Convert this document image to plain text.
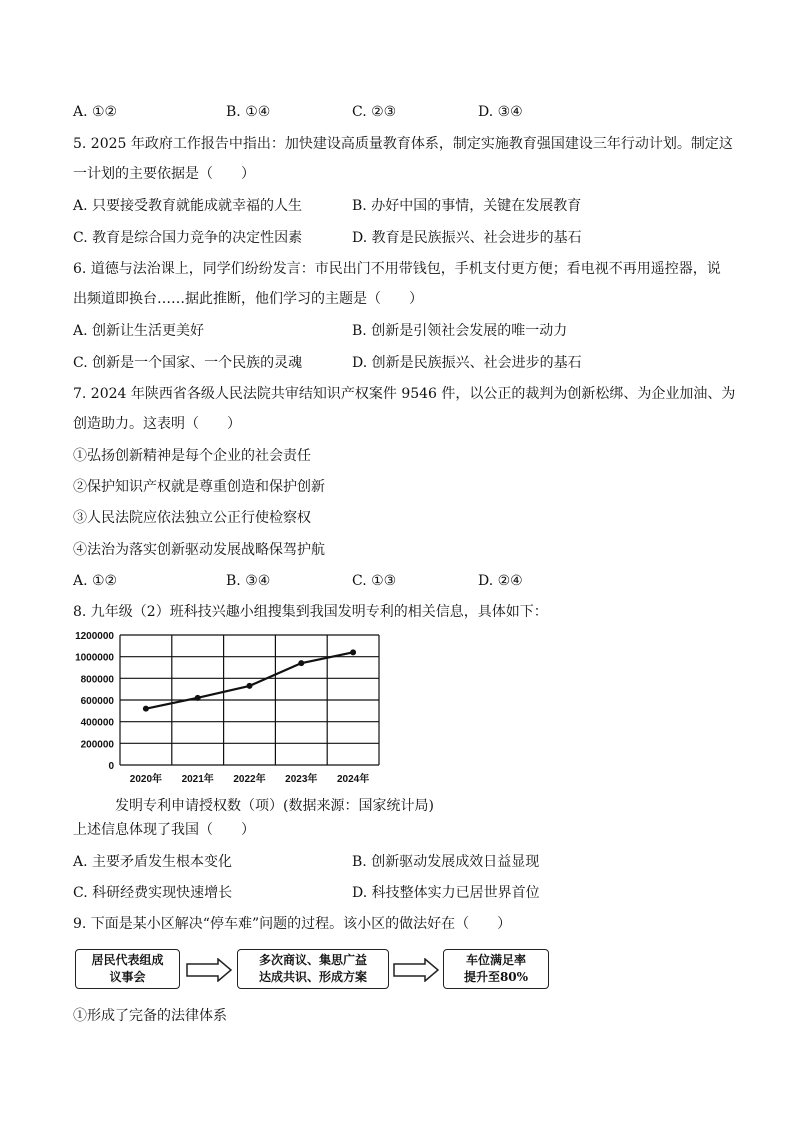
A. ①②	B. ①④	C. ②③	D. ③④
5. 2025 年政府工作报告中指出：加快建设高质量教育体系，制定实施教育强国建设三年行动计划。制定这
一计划的主要依据是（　　）
A. 只要接受教育就能成就幸福的人生	B. 办好中国的事情，关键在发展教育
C. 教育是综合国力竞争的决定性因素	D. 教育是民族振兴、社会进步的基石
6. 道德与法治课上，同学们纷纷发言：市民出门不用带钱包，手机支付更方便；看电视不再用遥控器，说
出频道即换台……据此推断，他们学习的主题是（　　）
A. 创新让生活更美好	B. 创新是引领社会发展的唯一动力
C. 创新是一个国家、一个民族的灵魂	D. 创新是民族振兴、社会进步的基石
7. 2024 年陕西省各级人民法院共审结知识产权案件 9546 件，以公正的裁判为创新松绑、为企业加油、为
创造助力。这表明（　　）
①弘扬创新精神是每个企业的社会责任
②保护知识产权就是尊重创造和保护创新
③人民法院应依法独立公正行使检察权
④法治为落实创新驱动发展战略保驾护航
A. ①②	B. ③④	C. ①③	D. ②④
8. 九年级（2）班科技兴趣小组搜集到我国发明专利的相关信息，具体如下：
1200000
1000000
800000
600000
400000
200000
0
2020年 2021年 2022年 2023年 2024年
发明专利申请授权数（项）(数据来源：国家统计局)
上述信息体现了我国（　　）
A. 主要矛盾发生根本变化	B. 创新驱动发展成效日益显现
C. 科研经费实现快速增长	D. 科技整体实力已居世界首位
9. 下面是某小区解决“停车难”问题的过程。该小区的做法好在（　　）
居民代表组成
议事会
多次商议、集思广益
达成共识、形成方案
车位满足率
提升至80%
①形成了完备的法律体系
